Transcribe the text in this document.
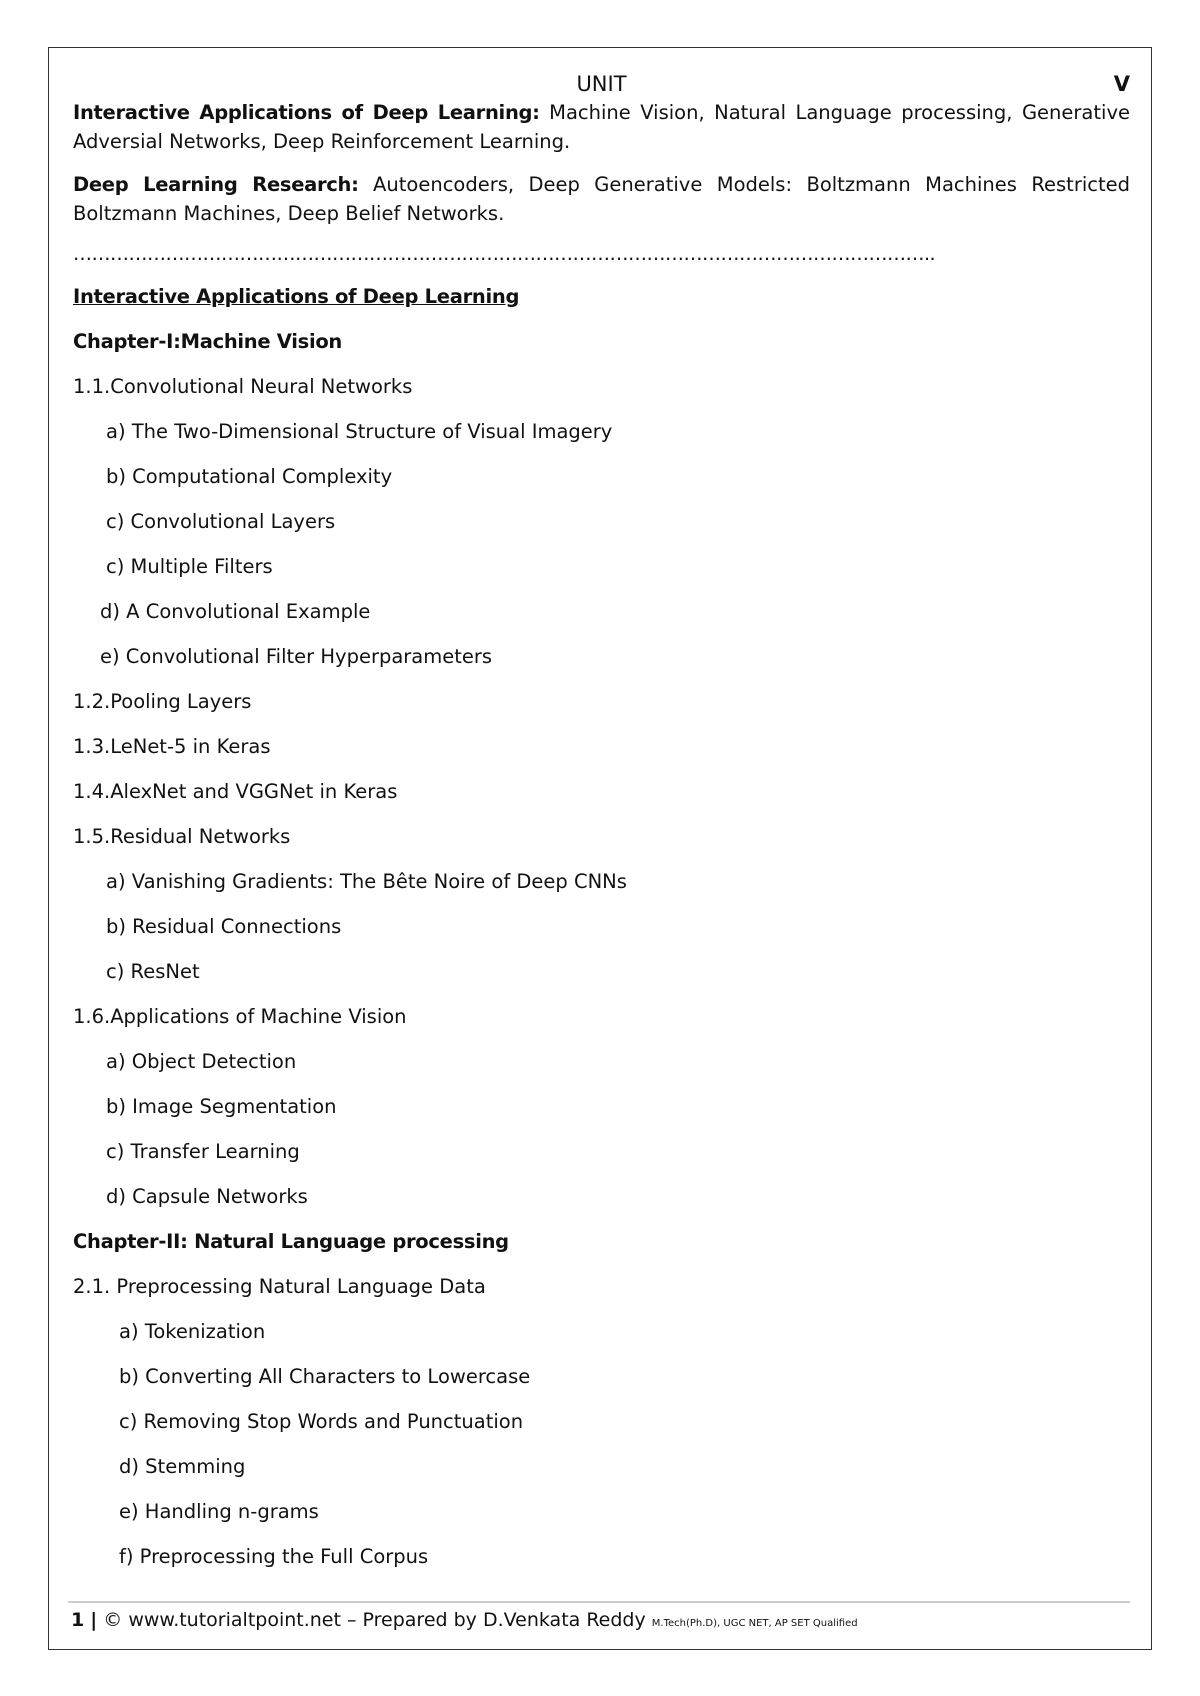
UNIT	V

Interactive Applications of Deep Learning: Machine Vision, Natural Language processing, Generative Adversial Networks, Deep Reinforcement Learning.

Deep Learning Research: Autoencoders, Deep Generative Models: Boltzmann Machines Restricted Boltzmann Machines, Deep Belief Networks.

…………………………………………………………………………………………………………………………..
Interactive Applications of Deep Learning
Chapter-I:Machine Vision
1.1.Convolutional Neural Networks
a) The Two-Dimensional Structure of Visual Imagery
b) Computational Complexity
c) Convolutional Layers
c) Multiple Filters
d) A Convolutional Example
e) Convolutional Filter Hyperparameters
1.2.Pooling Layers
1.3.LeNet-5 in Keras
1.4.AlexNet and VGGNet in Keras
1.5.Residual Networks
a) Vanishing Gradients: The Bête Noire of Deep CNNs
b) Residual Connections
c) ResNet
1.6.Applications of Machine Vision
a) Object Detection
b) Image Segmentation
c) Transfer Learning
d) Capsule Networks
Chapter-II: Natural Language processing
2.1. Preprocessing Natural Language Data
a) Tokenization
b) Converting All Characters to Lowercase
c) Removing Stop Words and Punctuation
d) Stemming
e) Handling n-grams
f) Preprocessing the Full Corpus
1 | © www.tutorialtpoint.net – Prepared by D.Venkata Reddy M.Tech(Ph.D), UGC NET, AP SET Qualified
